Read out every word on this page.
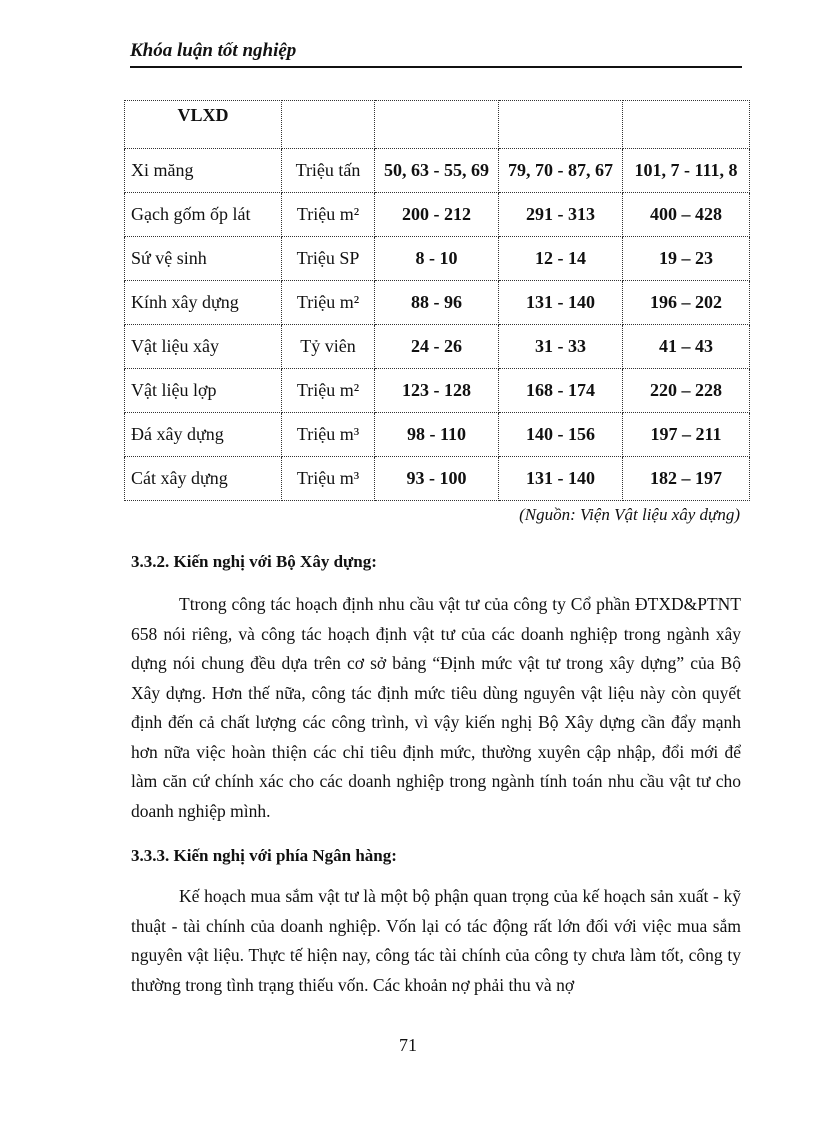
Khóa luận tốt nghiệp
VLXD				
Xi măng	Triệu tấn	50, 63 - 55, 69	79, 70 - 87, 67	101, 7 - 111, 8
Gạch gốm ốp lát	Triệu m²	200 - 212	291 - 313	400 – 428
Sứ vệ sinh	Triệu SP	8 - 10	12 - 14	19 – 23
Kính xây dựng	Triệu m²	88 - 96	131 - 140	196 – 202
Vật liệu xây	Tỷ viên	24 - 26	31 - 33	41 – 43
Vật liệu lợp	Triệu m²	123 - 128	168 - 174	220 – 228
Đá xây dựng	Triệu m³	98 - 110	140 - 156	197 – 211
Cát xây dựng	Triệu m³	93 - 100	131 - 140	182 – 197
(Nguồn: Viện Vật liệu xây dựng)
3.3.2. Kiến nghị với Bộ Xây dựng:

Ttrong công tác hoạch định nhu cầu vật tư của công ty Cổ phần ĐTXD&PTNT 658 nói riêng, và công tác hoạch định vật tư của các doanh nghiệp trong ngành xây dựng nói chung đều dựa trên cơ sở bảng “Định mức vật tư trong xây dựng” của Bộ Xây dựng. Hơn thế nữa, công tác định mức tiêu dùng nguyên vật liệu này còn quyết định đến cả chất lượng các công trình, vì vậy kiến nghị Bộ Xây dựng cần đẩy mạnh hơn nữa việc hoàn thiện các chỉ tiêu định mức, thường xuyên cập nhập, đổi mới để làm căn cứ chính xác cho các doanh nghiệp trong ngành tính toán nhu cầu vật tư cho doanh nghiệp mình.

3.3.3. Kiến nghị với phía Ngân hàng:

Kế hoạch mua sắm vật tư là một bộ phận quan trọng của kế hoạch sản xuất - kỹ thuật - tài chính của doanh nghiệp. Vốn lại có tác động rất lớn đối với việc mua sắm nguyên vật liệu. Thực tế hiện nay, công tác tài chính của công ty chưa làm tốt, công ty thường trong tình trạng thiếu vốn. Các khoản nợ phải thu và nợ

71
